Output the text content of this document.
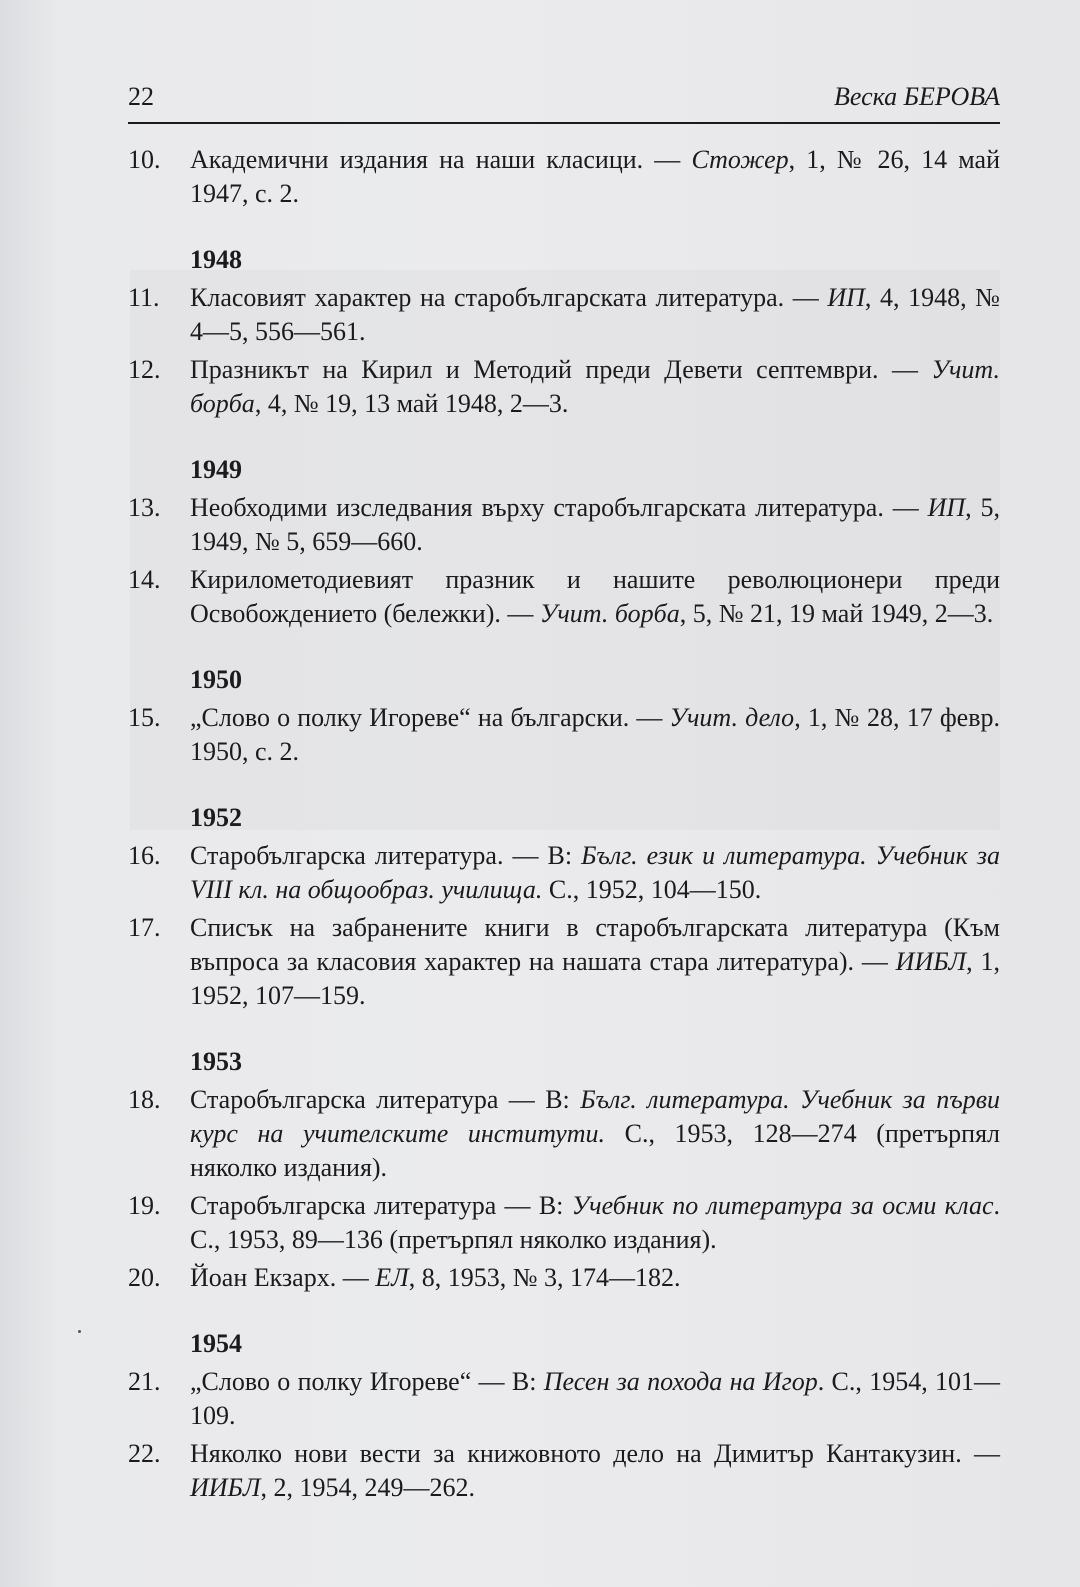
22	Веска БЕРОВА
10. Академични издания на наши класици. — Стожер, 1, № 26, 14 май 1947, с. 2.
1948
11. Класовият характер на старобългарската литература. — ИП, 4, 1948, № 4—5, 556—561.
12. Празникът на Кирил и Методий преди Девети септември. — Учит. борба, 4, № 19, 13 май 1948, 2—3.
1949
13. Необходими изследвания върху старобългарската литература. — ИП, 5, 1949, № 5, 659—660.
14. Кирилометодиевият празник и нашите революционери преди Освобождението (бележки). — Учит. борба, 5, № 21, 19 май 1949, 2—3.
1950
15. „Слово о полку Игореве“ на български. — Учит. дело, 1, № 28, 17 февр. 1950, с. 2.
1952
16. Старобългарска литература. — В: Бълг. език и литература. Учебник за VIII кл. на общообраз. училища. С., 1952, 104—150.
17. Списък на забранените книги в старобългарската литература (Към въпроса за класовия характер на нашата стара литература). — ИИБЛ, 1, 1952, 107—159.
1953
18. Старобългарска литература — В: Бълг. литература. Учебник за първи курс на учителските институти. С., 1953, 128—274 (претърпял няколко издания).
19. Старобългарска литература — В: Учебник по литература за осми клас. С., 1953, 89—136 (претърпял няколко издания).
20. Йоан Екзарх. — ЕЛ, 8, 1953, № 3, 174—182.
1954
21. „Слово о полку Игореве“ — В: Песен за похода на Игор. С., 1954, 101—109.
22. Няколко нови вести за книжовното дело на Димитър Кантакузин. — ИИБЛ, 2, 1954, 249—262.
